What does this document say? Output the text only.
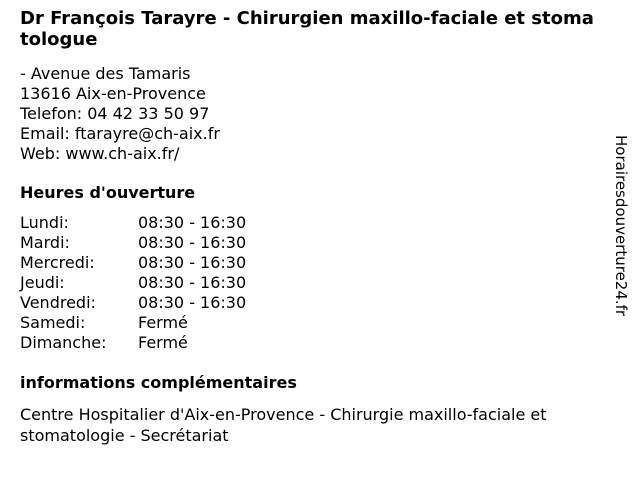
Dr François Tarayre - Chirurgien maxillo-faciale et stomatologue
- Avenue des Tamaris
13616 Aix-en-Provence
Telefon: 04 42 33 50 97
Email: ftarayre@ch-aix.fr
Web: www.ch-aix.fr/
Heures d'ouverture
Lundi:	08:30 - 16:30
Mardi:	08:30 - 16:30
Mercredi:	08:30 - 16:30
Jeudi:	08:30 - 16:30
Vendredi:	08:30 - 16:30
Samedi:	Fermé
Dimanche:	Fermé
informations complémentaires
Centre Hospitalier d'Aix-en-Provence - Chirurgie maxillo-faciale et stomatologie - Secrétariat
Horairesdouverture24.fr
